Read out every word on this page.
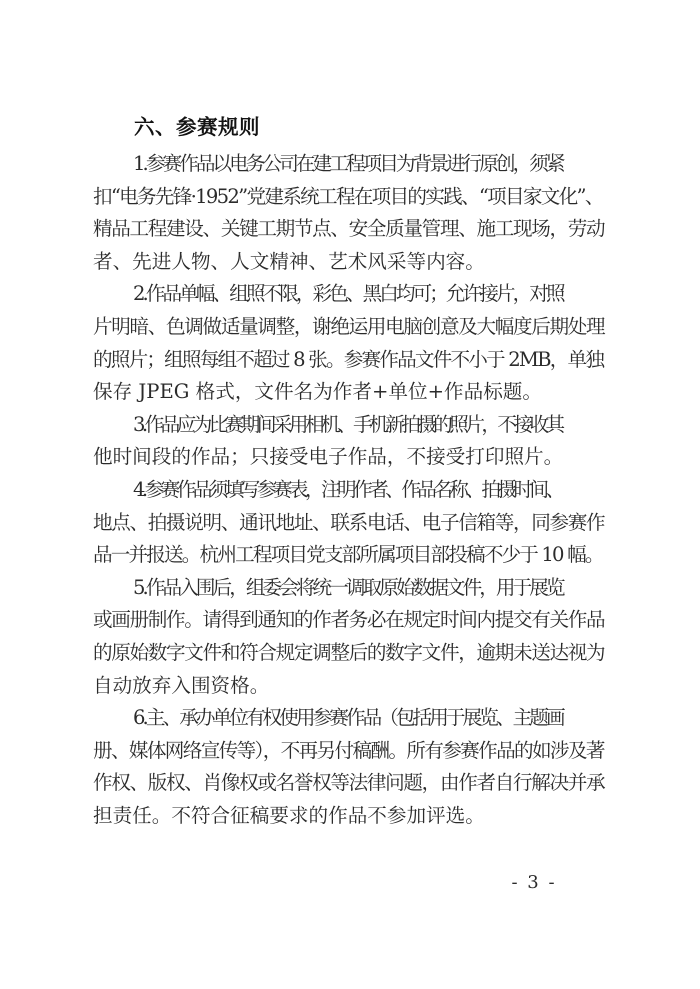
六、参赛规则
1.参赛作品以电务公司在建工程项目为背景进行原创，须紧
扣“电务先锋·1952”党建系统工程在项目的实践、“项目家文化”、
精品工程建设、关键工期节点、安全质量管理、施工现场，劳动
者、先进人物、人文精神、艺术风采等内容。
2.作品单幅、组照不限，彩色、黑白均可；允许接片，对照
片明暗、色调做适量调整，谢绝运用电脑创意及大幅度后期处理
的照片；组照每组不超过 8 张。参赛作品文件不小于 2MB，单独
保存 JPEG 格式，文件名为作者+单位+作品标题。
3.作品应为比赛期间采用相机、手机新拍摄的照片，不接收其
他时间段的作品；只接受电子作品，不接受打印照片。
4.参赛作品须填写参赛表，注明作者、作品名称、拍摄时间、
地点、拍摄说明、通讯地址、联系电话、电子信箱等，同参赛作
品一并报送。杭州工程项目党支部所属项目部投稿不少于 10 幅。
5.作品入围后，组委会将统一调取原始数据文件，用于展览
或画册制作。请得到通知的作者务必在规定时间内提交有关作品
的原始数字文件和符合规定调整后的数字文件，逾期未送达视为
自动放弃入围资格。
6.主、承办单位有权使用参赛作品（包括用于展览、主题画
册、媒体网络宣传等），不再另付稿酬。所有参赛作品的如涉及著
作权、版权、肖像权或名誉权等法律问题，由作者自行解决并承
担责任。不符合征稿要求的作品不参加评选。
- 3 -
